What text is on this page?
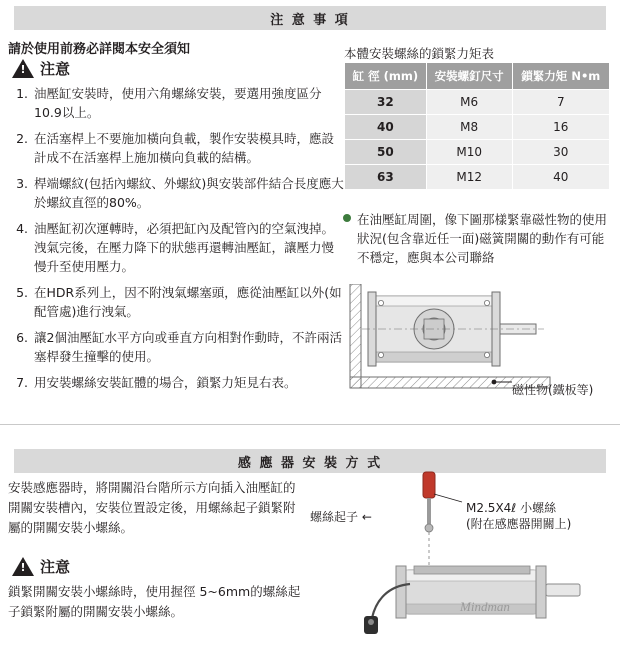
注 意 事 項
請於使用前務必詳閱本安全須知
!
注意
1. 油壓缸安裝時，使用六角螺絲安裝，要選用強度區分10.9以上。
2. 在活塞桿上不要施加橫向負載，製作安裝模具時，應設計成不在活塞桿上施加橫向負載的結構。
3. 桿端螺紋(包括內螺紋、外螺紋)與安裝部件結合長度應大於螺紋直徑的80%。
4. 油壓缸初次運轉時，必須把缸內及配管內的空氣洩掉。洩氣完後，在壓力降下的狀態再還轉油壓缸，讓壓力慢慢升至使用壓力。
5. 在HDR系列上，因不附洩氣螺塞頭，應從油壓缸以外(如配管處)進行洩氣。
6. 讓2個油壓缸水平方向或垂直方向相對作動時，不許兩活塞桿發生撞擊的使用。
7. 用安裝螺絲安裝缸體的場合，鎖緊力矩見右表。
本體安裝螺絲的鎖緊力矩表
缸 徑 (mm)	安裝螺釘尺寸	鎖緊力矩 N•m
32	M6	7
40	M8	16
50	M10	30
63	M12	40
在油壓缸周圍，像下圖那樣緊靠磁性物的使用狀況(包含靠近任一面)磁簧開關的動作有可能不穩定，應與本公司聯絡
磁性物(鐵板等)
感 應 器 安 裝 方 式
安裝感應器時，將開關沿台階所示方向插入油壓缸的開關安裝槽內，安裝位置設定後，用螺絲起子鎖緊附屬的開關安裝小螺絲。
!
注意
鎖緊開關安裝小螺絲時，使用握徑 5~6mm的螺絲起子鎖緊附屬的開關安裝小螺絲。	Mindman
螺絲起子 ←
M2.5X4ℓ 小螺絲
(附在感應器開關上)
